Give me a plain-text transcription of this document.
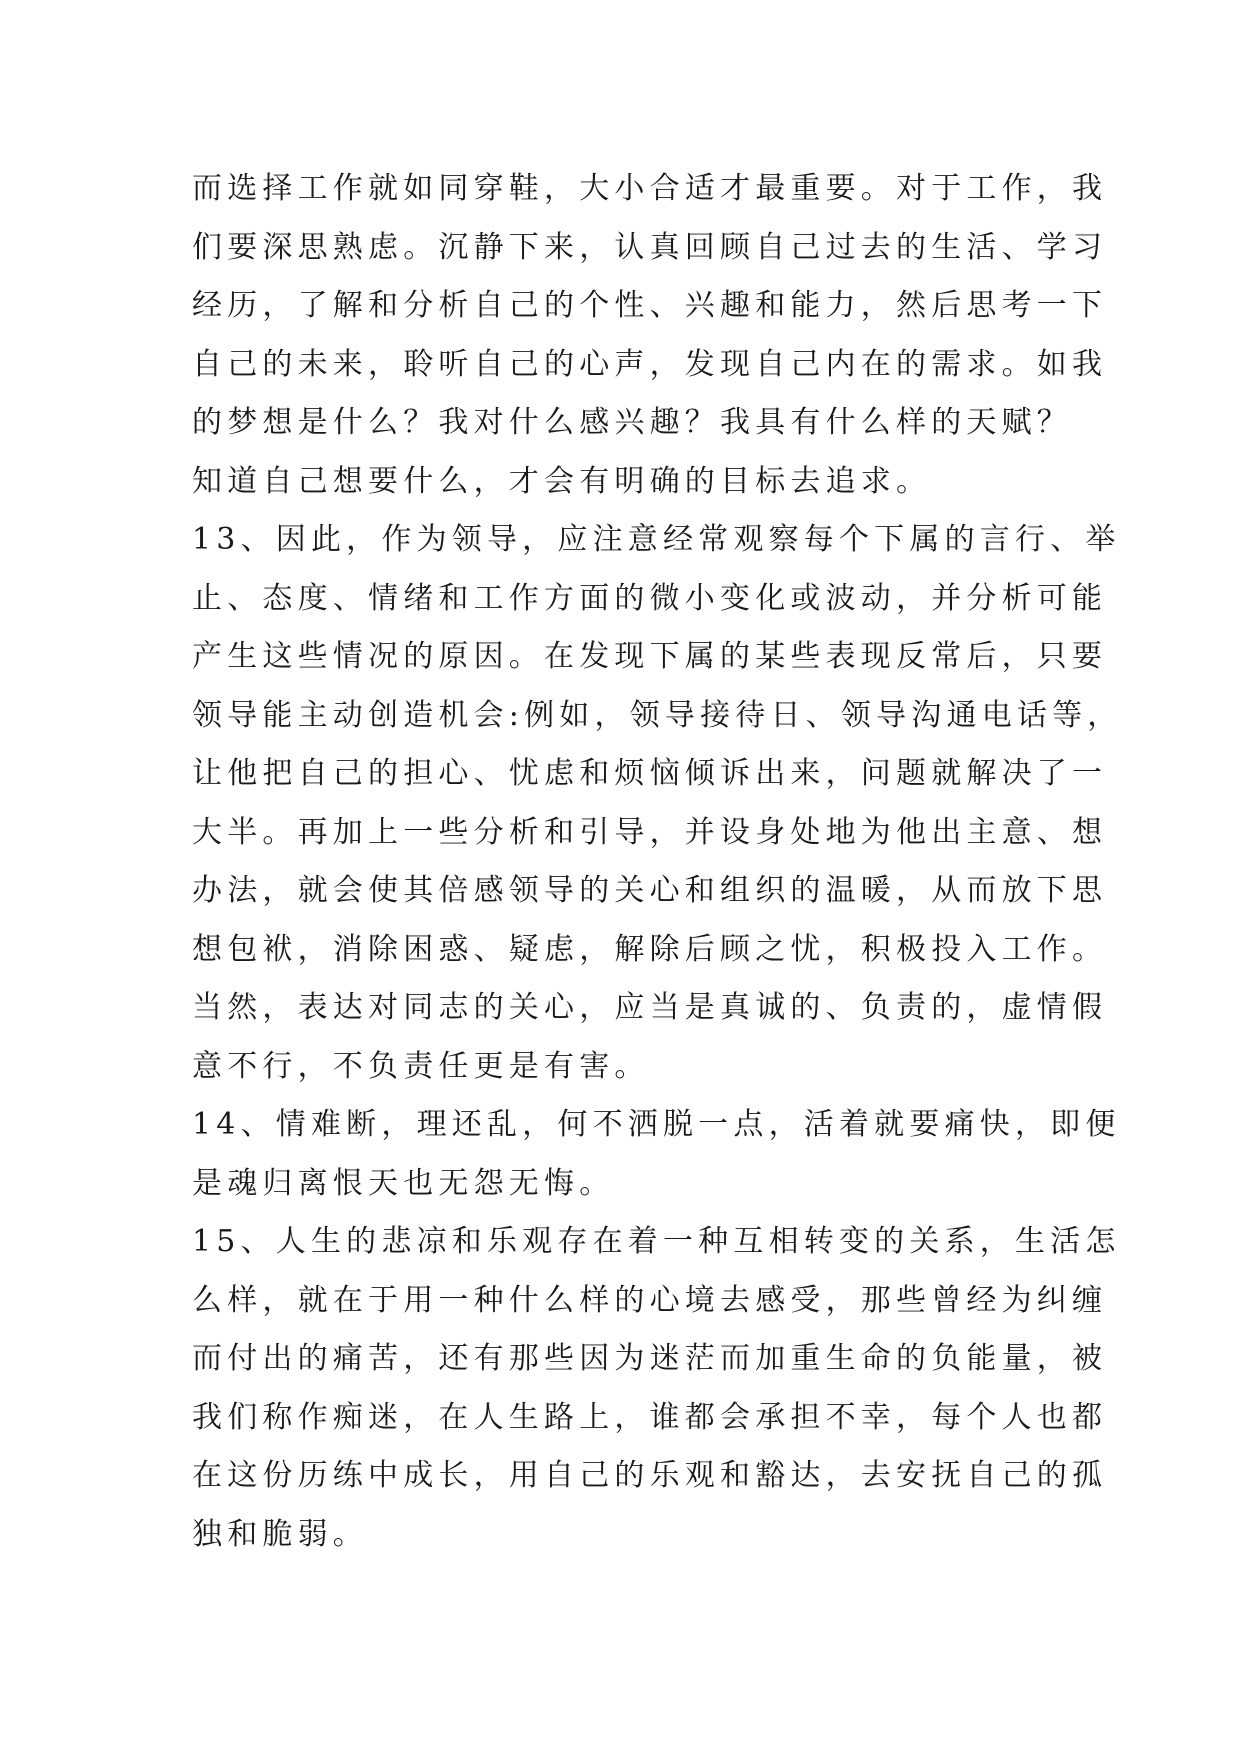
而选择工作就如同穿鞋，大小合适才最重要。对于工作，我
们要深思熟虑。沉静下来，认真回顾自己过去的生活、学习
经历，了解和分析自己的个性、兴趣和能力，然后思考一下
自己的未来，聆听自己的心声，发现自己内在的需求。如我
的梦想是什么？我对什么感兴趣？我具有什么样的天赋？
知道自己想要什么，才会有明确的目标去追求。
13、因此，作为领导，应注意经常观察每个下属的言行、举
止、态度、情绪和工作方面的微小变化或波动，并分析可能
产生这些情况的原因。在发现下属的某些表现反常后，只要
领导能主动创造机会:例如，领导接待日、领导沟通电话等，
让他把自己的担心、忧虑和烦恼倾诉出来，问题就解决了一
大半。再加上一些分析和引导，并设身处地为他出主意、想
办法，就会使其倍感领导的关心和组织的温暖，从而放下思
想包袱，消除困惑、疑虑，解除后顾之忧，积极投入工作。
当然，表达对同志的关心，应当是真诚的、负责的，虚情假
意不行，不负责任更是有害。
14、情难断，理还乱，何不洒脱一点，活着就要痛快，即便
是魂归离恨天也无怨无悔。
15、人生的悲凉和乐观存在着一种互相转变的关系，生活怎
么样，就在于用一种什么样的心境去感受，那些曾经为纠缠
而付出的痛苦，还有那些因为迷茫而加重生命的负能量，被
我们称作痴迷，在人生路上，谁都会承担不幸，每个人也都
在这份历练中成长，用自己的乐观和豁达，去安抚自己的孤
独和脆弱。
